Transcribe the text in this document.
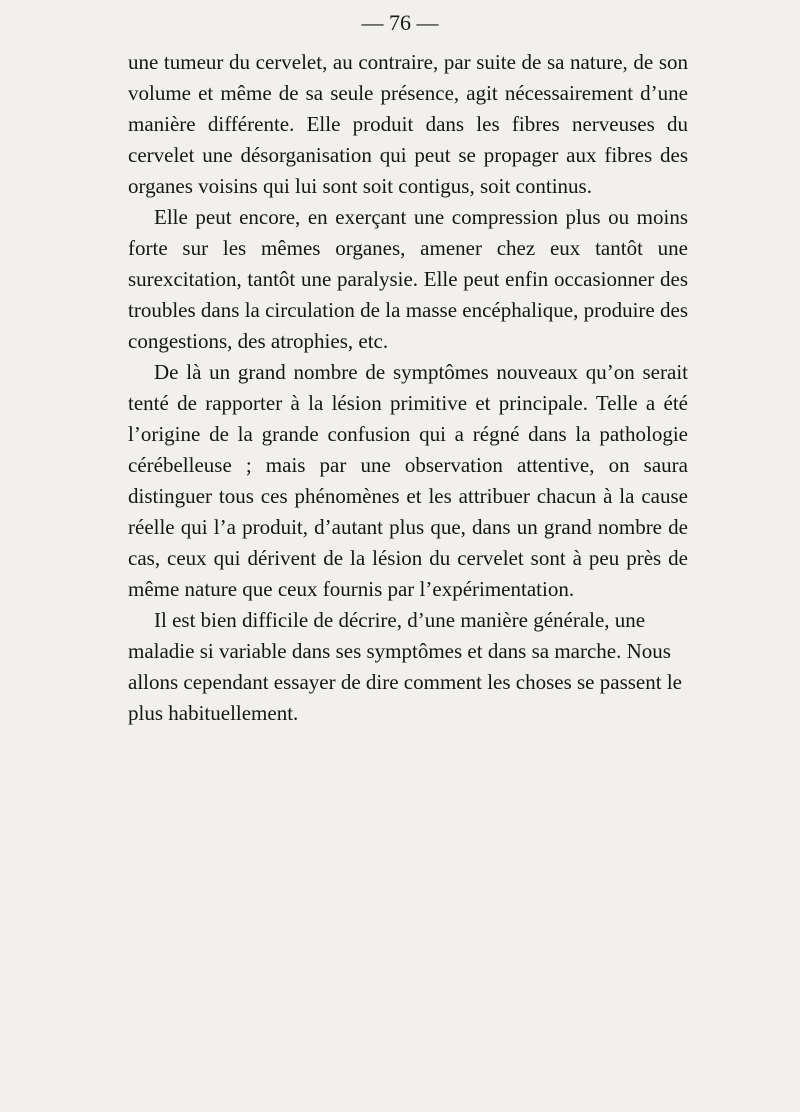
— 76 —

une tumeur du cervelet, au contraire, par suite de sa nature, de son volume et même de sa seule présence, agit nécessairement d’une manière différente. Elle produit dans les fibres nerveuses du cervelet une désorganisation qui peut se propager aux fibres des organes voisins qui lui sont soit contigus, soit continus.

Elle peut encore, en exerçant une compression plus ou moins forte sur les mêmes organes, amener chez eux tantôt une surexcitation, tantôt une paralysie. Elle peut enfin occasionner des troubles dans la circulation de la masse encéphalique, produire des congestions, des atrophies, etc.

De là un grand nombre de symptômes nouveaux qu’on serait tenté de rapporter à la lésion primitive et principale. Telle a été l’origine de la grande confusion qui a régné dans la pathologie cérébelleuse ; mais par une observation attentive, on saura distinguer tous ces phénomènes et les attribuer chacun à la cause réelle qui l’a produit, d’autant plus que, dans un grand nombre de cas, ceux qui dérivent de la lésion du cervelet sont à peu près de même nature que ceux fournis par l’expérimentation.

Il est bien difficile de décrire, d’une manière générale, une maladie si variable dans ses symptômes et dans sa marche. Nous allons cependant essayer de dire comment les choses se passent le plus habituellement.
